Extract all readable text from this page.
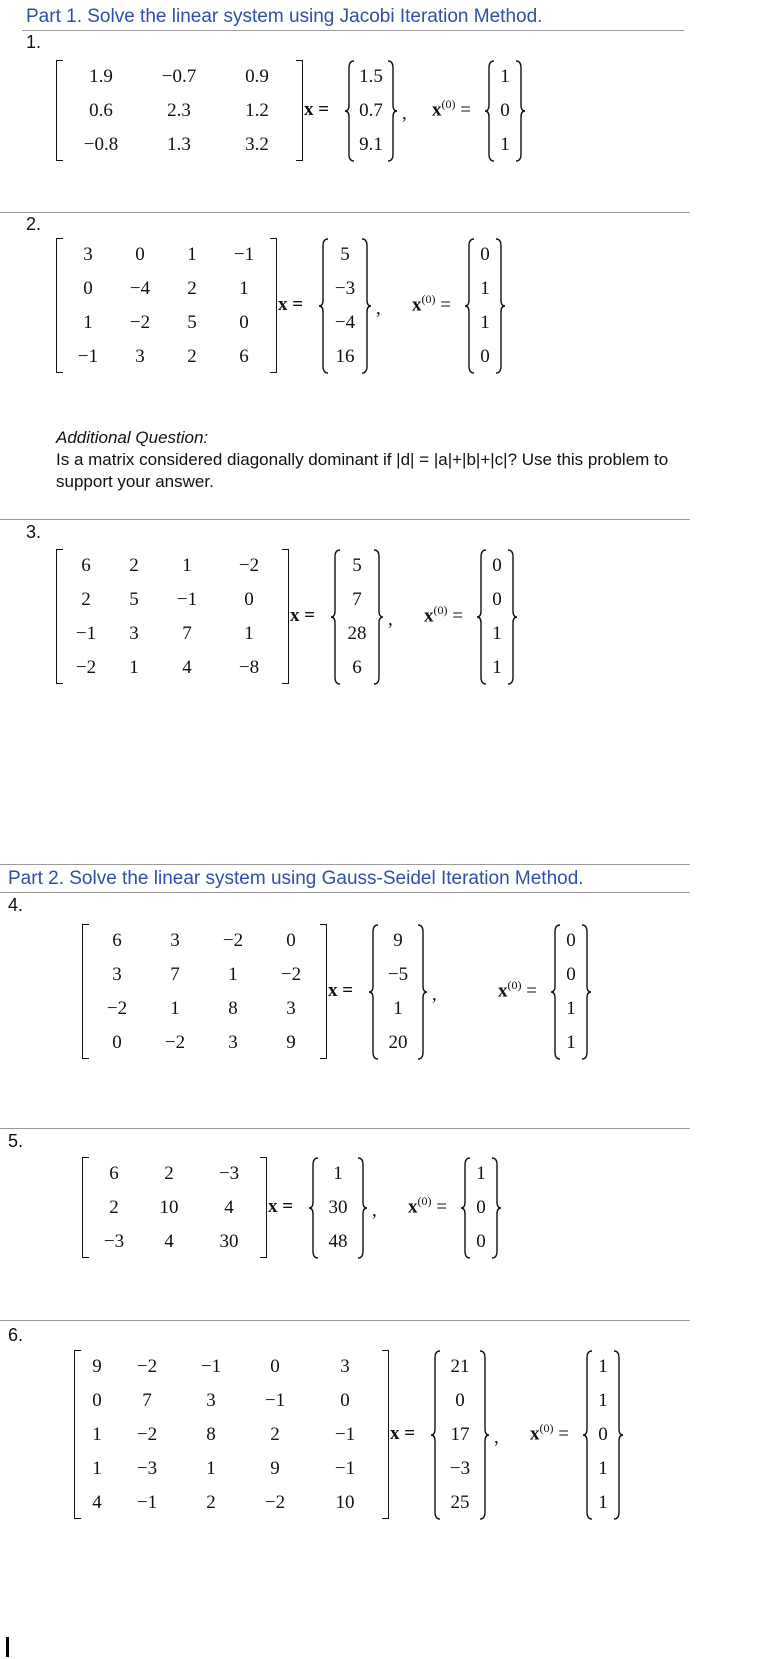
Part 1. Solve the linear system using Jacobi Iteration Method.
1.
2.
Additional Question:
Is a matrix considered diagonally dominant if |d| = |a|+|b|+|c|? Use this problem to support your answer.
3.
Part 2. Solve the linear system using Gauss-Seidel Iteration Method.
4.
5.
6.
1.9	−0.7	0.9
0.6	2.3	1.2
−0.8	1.3	3.2
x =
1.5
0.7
9.1
, $x^{(0)}$ =
1
0
1
3	0	1	−1
0	−4	2	1
1	−2	5	0
−1	3	2	6
x =
5
−3
−4
16
, $x^{(0)}$ =
0
1
1
0
6	2	1	−2
2	5	−1	0
−1	3	7	1
−2	1	4	−8
x =
5
7
28
6
, $x^{(0)}$ =
0
0
1
1
6	3	−2	0
3	7	1	−2
−2	1	8	3
0	−2	3	9
x =
9
−5
1
20
,	$x^{(0)}$ =
0
0
1
1
6	2	−3
2	10	4
−3	4	30
x =
1
30
48
, $x^{(0)}$ =
1
0
0
9	−2	−1	0	3
0	7	3	−1	0
1	−2	8	2	−1
1	−3	1	9	−1
4	−1	2	−2	10
x =
21
0
17
−3
25
, $x^{(0)}$ =
1
1
0
1
1
